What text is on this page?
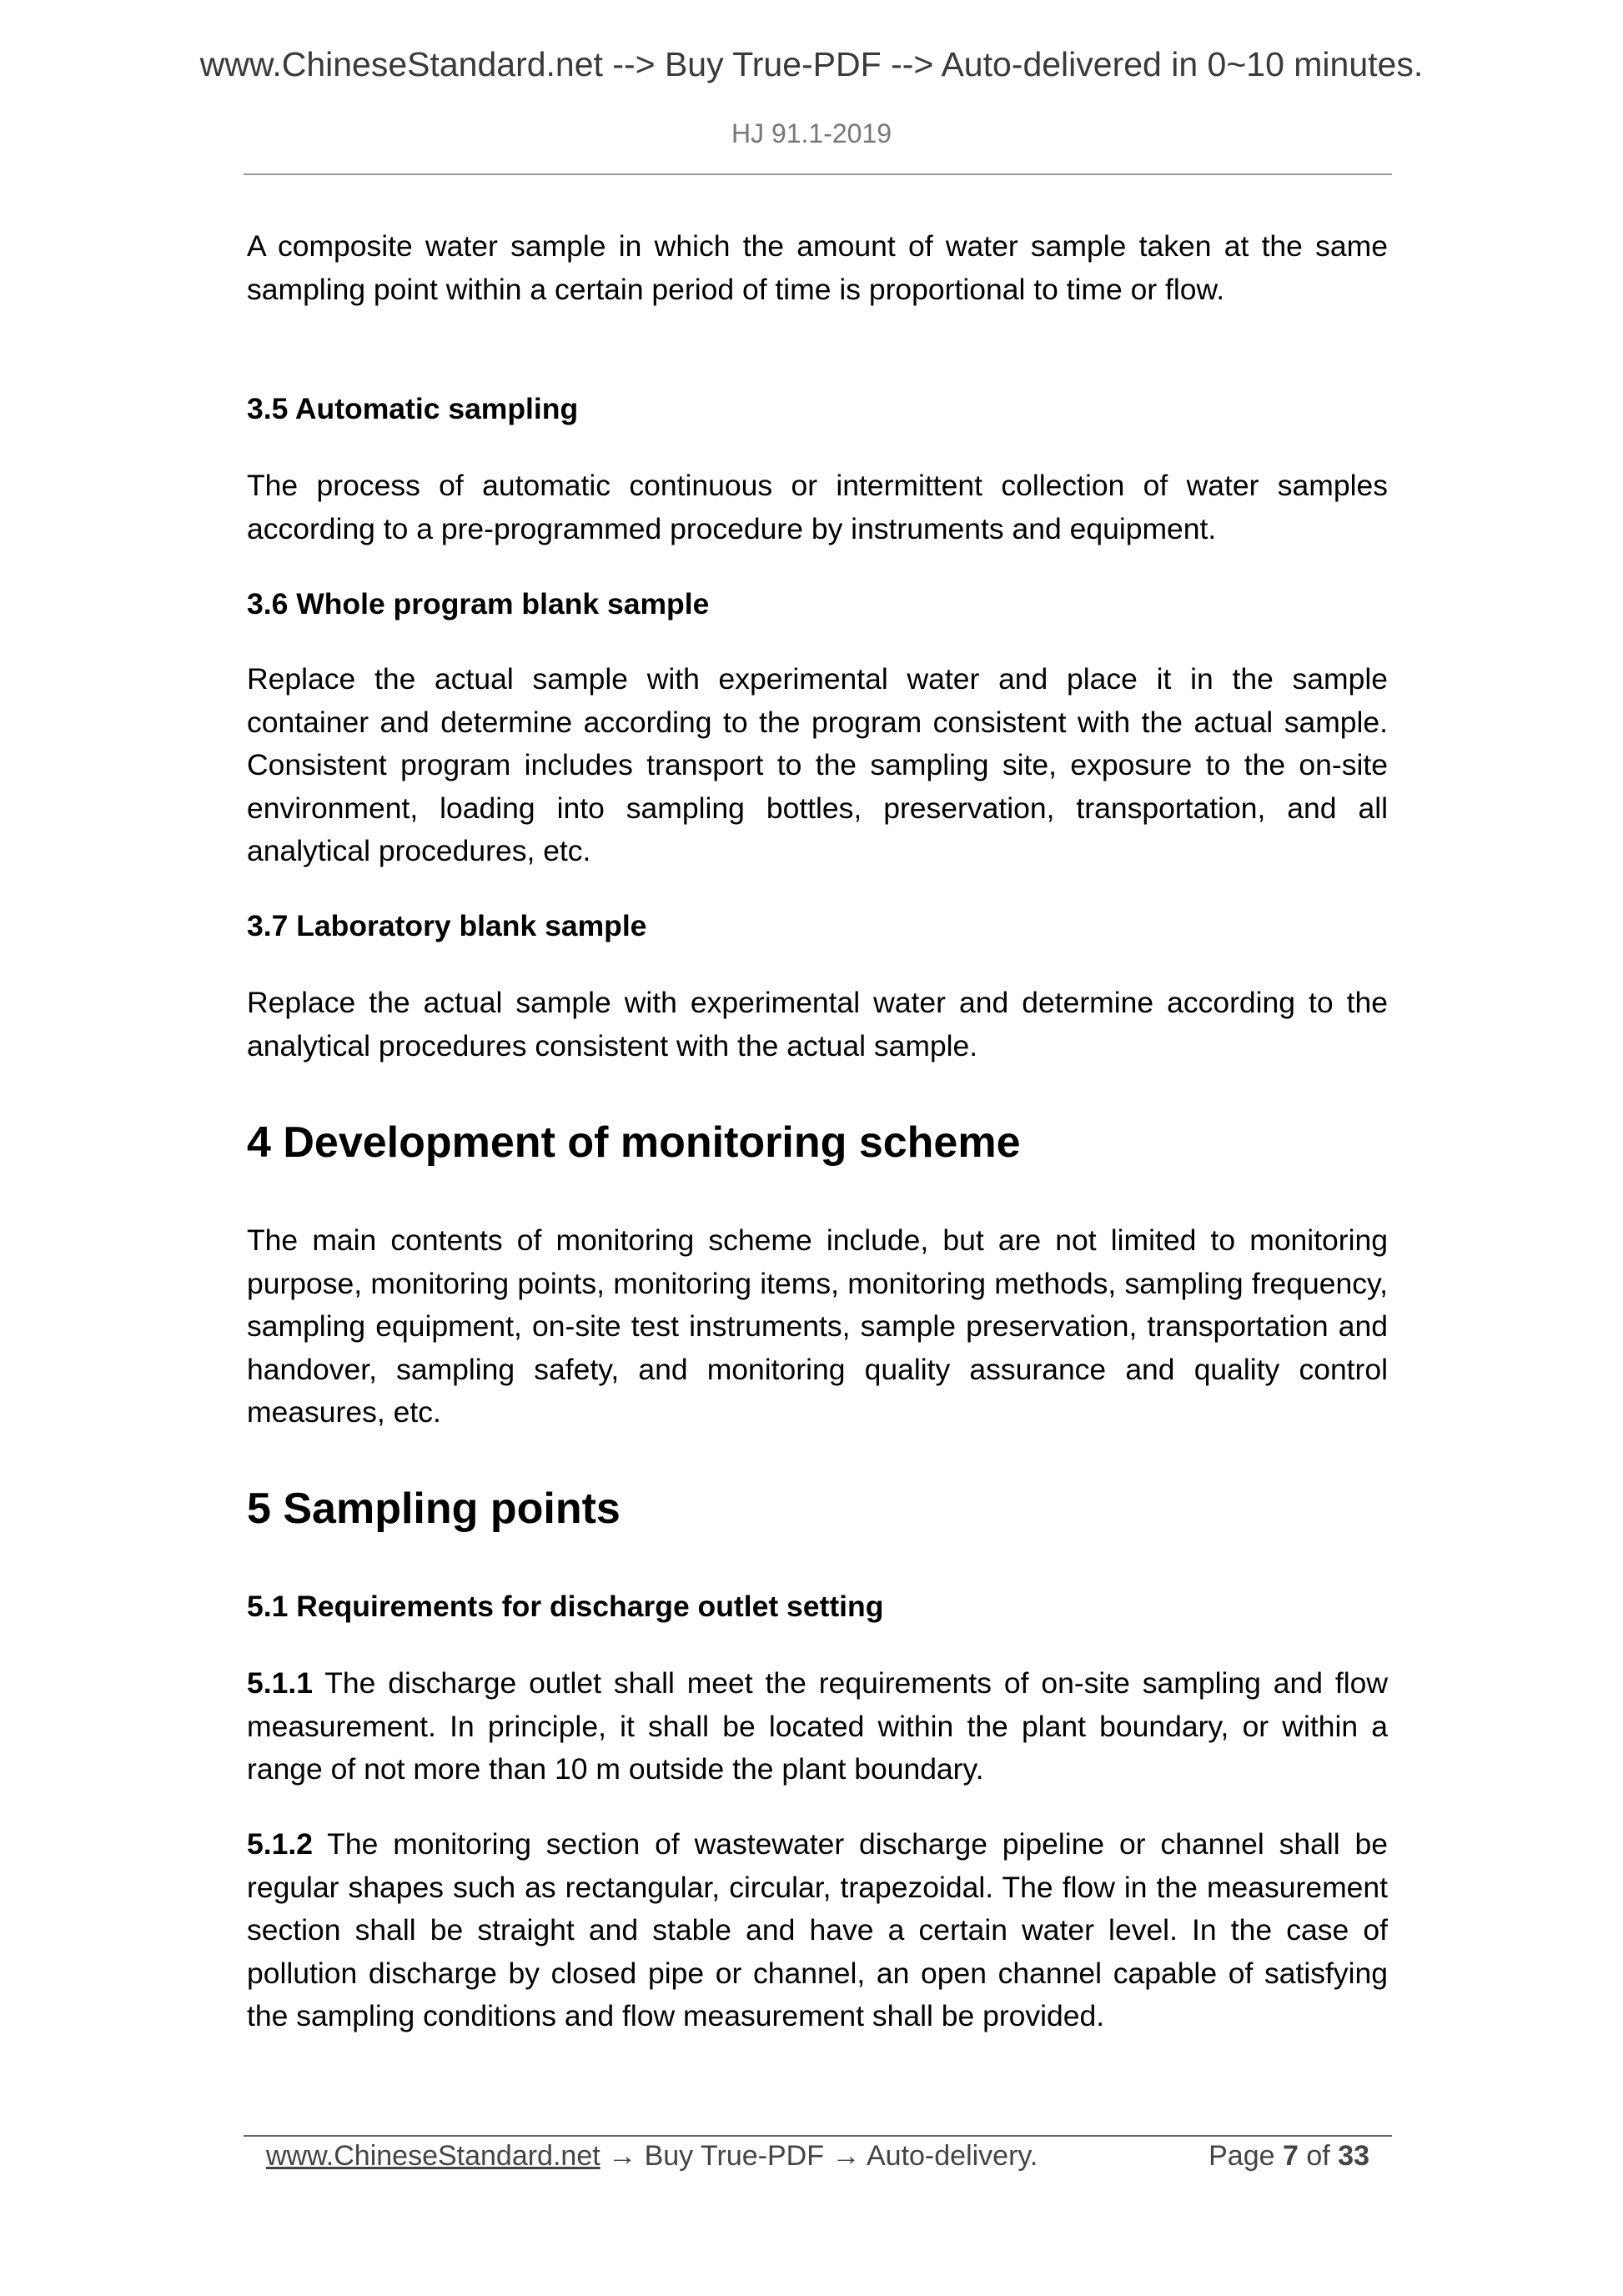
www.ChineseStandard.net --> Buy True-PDF --> Auto-delivered in 0~10 minutes.
HJ 91.1-2019
A composite water sample in which the amount of water sample taken at the same sampling point within a certain period of time is proportional to time or flow.
3.5 Automatic sampling
The process of automatic continuous or intermittent collection of water samples according to a pre-programmed procedure by instruments and equipment.
3.6 Whole program blank sample
Replace the actual sample with experimental water and place it in the sample container and determine according to the program consistent with the actual sample. Consistent program includes transport to the sampling site, exposure to the on-site environment, loading into sampling bottles, preservation, transportation, and all analytical procedures, etc.
3.7 Laboratory blank sample
Replace the actual sample with experimental water and determine according to the analytical procedures consistent with the actual sample.
4 Development of monitoring scheme
The main contents of monitoring scheme include, but are not limited to monitoring purpose, monitoring points, monitoring items, monitoring methods, sampling frequency, sampling equipment, on-site test instruments, sample preservation, transportation and handover, sampling safety, and monitoring quality assurance and quality control measures, etc.
5 Sampling points
5.1 Requirements for discharge outlet setting
5.1.1 The discharge outlet shall meet the requirements of on-site sampling and flow measurement. In principle, it shall be located within the plant boundary, or within a range of not more than 10 m outside the plant boundary.
5.1.2 The monitoring section of wastewater discharge pipeline or channel shall be regular shapes such as rectangular, circular, trapezoidal. The flow in the measurement section shall be straight and stable and have a certain water level. In the case of pollution discharge by closed pipe or channel, an open channel capable of satisfying the sampling conditions and flow measurement shall be provided.
www.ChineseStandard.net → Buy True-PDF → Auto-delivery.	Page 7 of 33
